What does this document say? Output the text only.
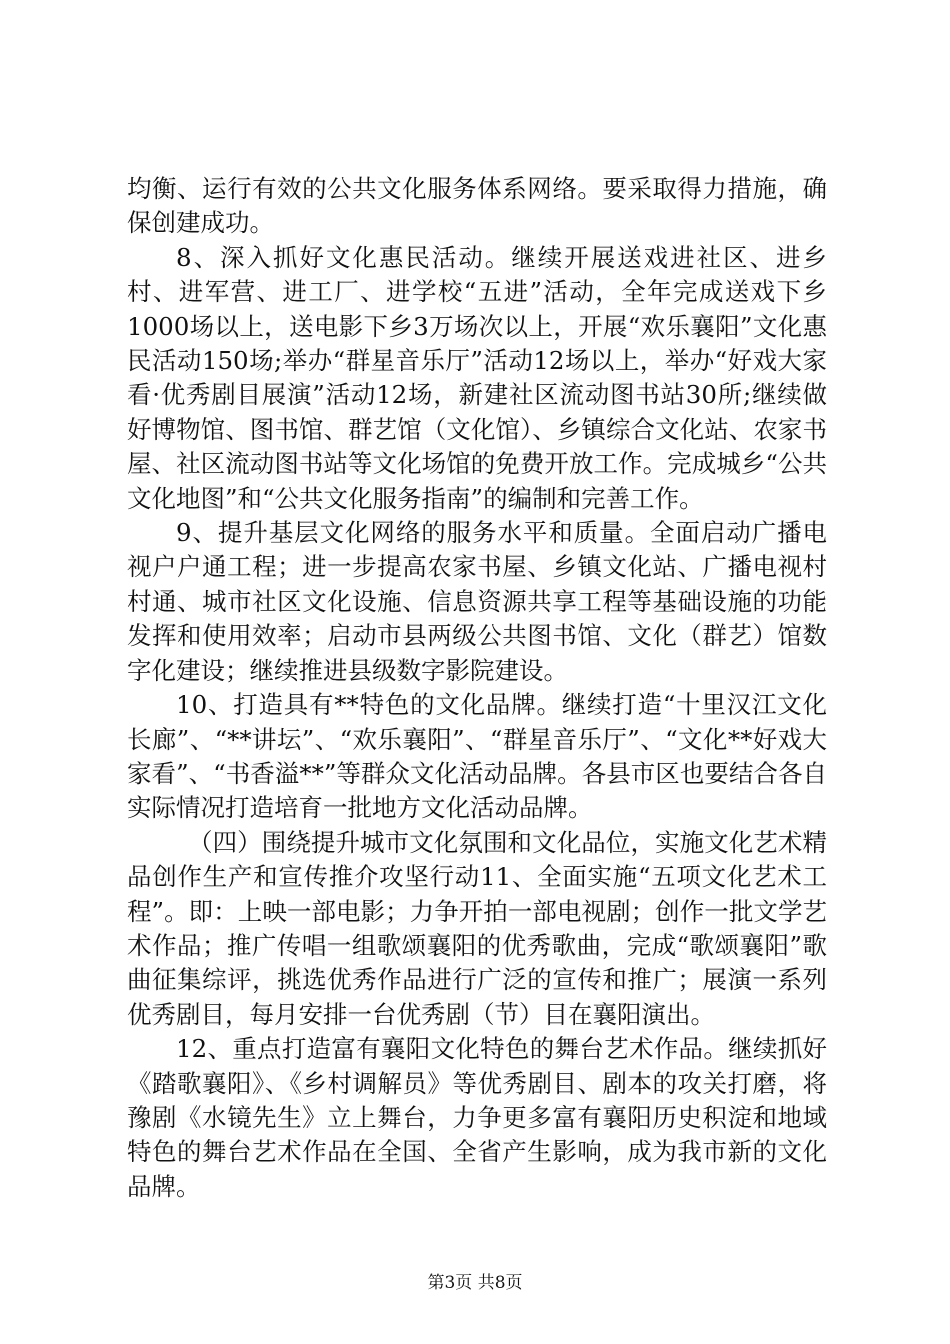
均衡、运行有效的公共文化服务体系网络。要采取得力措施，确保创建成功。

8、深入抓好文化惠民活动。继续开展送戏进社区、进乡村、进军营、进工厂、进学校“五进”活动，全年完成送戏下乡1000场以上，送电影下乡3万场次以上，开展“欢乐襄阳”文化惠民活动150场;举办“群星音乐厅”活动12场以上，举办“好戏大家看·优秀剧目展演”活动12场，新建社区流动图书站30所;继续做好博物馆、图书馆、群艺馆（文化馆）、乡镇综合文化站、农家书屋、社区流动图书站等文化场馆的免费开放工作。完成城乡“公共文化地图”和“公共文化服务指南”的编制和完善工作。

9、提升基层文化网络的服务水平和质量。全面启动广播电视户户通工程；进一步提高农家书屋、乡镇文化站、广播电视村村通、城市社区文化设施、信息资源共享工程等基础设施的功能发挥和使用效率；启动市县两级公共图书馆、文化（群艺）馆数字化建设；继续推进县级数字影院建设。

10、打造具有**特色的文化品牌。继续打造“十里汉江文化长廊”、“**讲坛”、“欢乐襄阳”、“群星音乐厅”、“文化**好戏大家看”、“书香溢**”等群众文化活动品牌。各县市区也要结合各自实际情况打造培育一批地方文化活动品牌。

（四）围绕提升城市文化氛围和文化品位，实施文化艺术精品创作生产和宣传推介攻坚行动11、全面实施“五项文化艺术工程”。即：上映一部电影；力争开拍一部电视剧；创作一批文学艺术作品；推广传唱一组歌颂襄阳的优秀歌曲，完成“歌颂襄阳”歌曲征集综评，挑选优秀作品进行广泛的宣传和推广；展演一系列优秀剧目，每月安排一台优秀剧（节）目在襄阳演出。

12、重点打造富有襄阳文化特色的舞台艺术作品。继续抓好《踏歌襄阳》、《乡村调解员》等优秀剧目、剧本的攻关打磨，将豫剧《水镜先生》立上舞台，力争更多富有襄阳历史积淀和地域特色的舞台艺术作品在全国、全省产生影响，成为我市新的文化品牌。

第3页 共8页
